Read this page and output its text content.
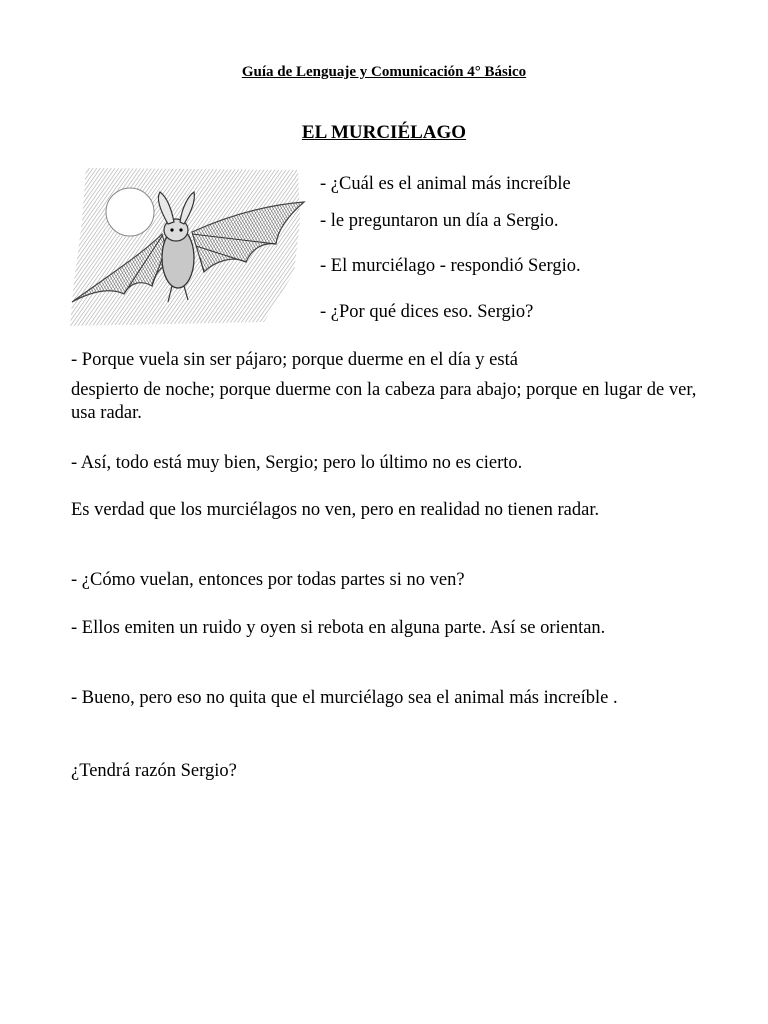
Guía de Lenguaje y Comunicación 4° Básico
EL MURCIÉLAGO
- ¿Cuál es el animal más increíble
- le preguntaron un día a Sergio.
- El murciélago - respondió Sergio.
- ¿Por qué dices eso. Sergio?
- Porque vuela sin ser pájaro; porque duerme en el día y está
despierto de noche; porque duerme con la cabeza para abajo; porque en lugar de ver, usa radar.
- Así, todo está muy bien, Sergio; pero lo último no es cierto.
Es verdad que los murciélagos no ven, pero en realidad no tienen radar.
- ¿Cómo vuelan, entonces por todas partes si no ven?
- Ellos emiten un ruido y oyen si rebota en alguna parte. Así se orientan.
- Bueno, pero eso no quita que el murciélago sea el animal más increíble .
¿Tendrá razón Sergio?
